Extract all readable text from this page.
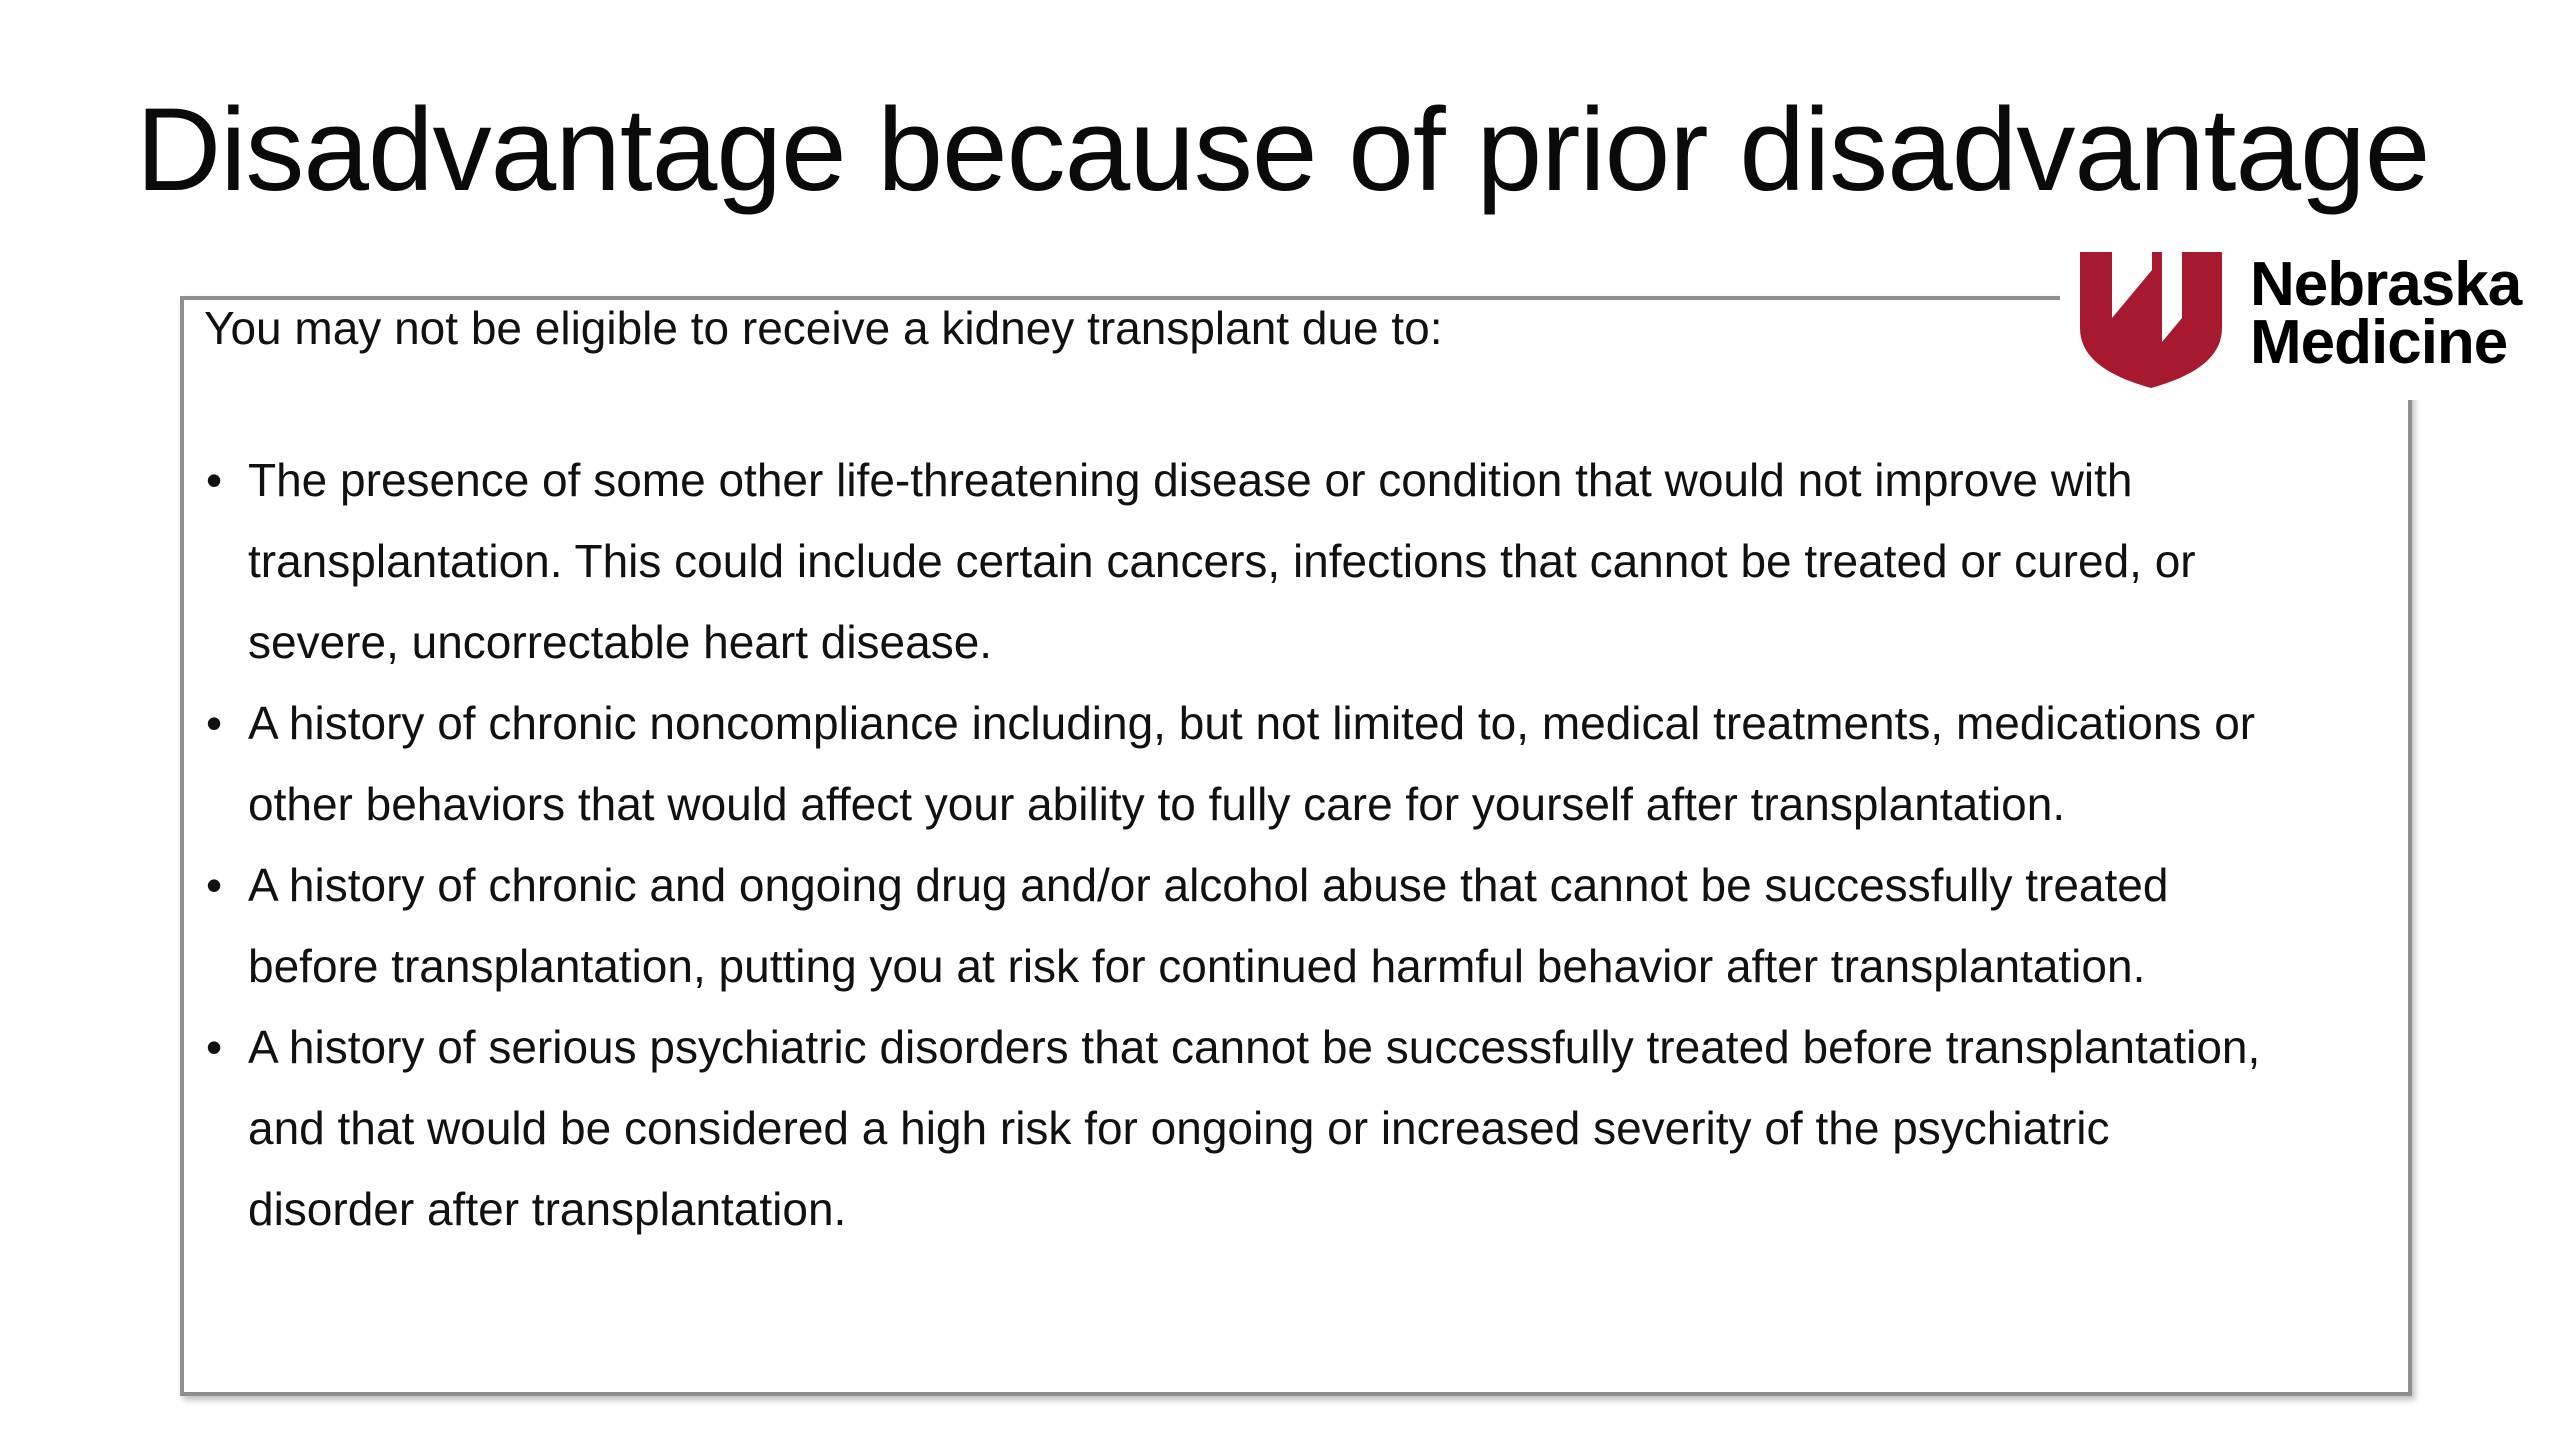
Disadvantage because of prior disadvantage
You may not be eligible to receive a kidney transplant due to:
• The presence of some other life-threatening disease or condition that would not improve with transplantation. This could include certain cancers, infections that cannot be treated or cured, or severe, uncorrectable heart disease.
• A history of chronic noncompliance including, but not limited to, medical treatments, medications or other behaviors that would affect your ability to fully care for yourself after transplantation.
• A history of chronic and ongoing drug and/or alcohol abuse that cannot be successfully treated before transplantation, putting you at risk for continued harmful behavior after transplantation.
• A history of serious psychiatric disorders that cannot be successfully treated before transplantation, and that would be considered a high risk for ongoing or increased severity of the psychiatric disorder after transplantation.
Nebraska
Medicine
